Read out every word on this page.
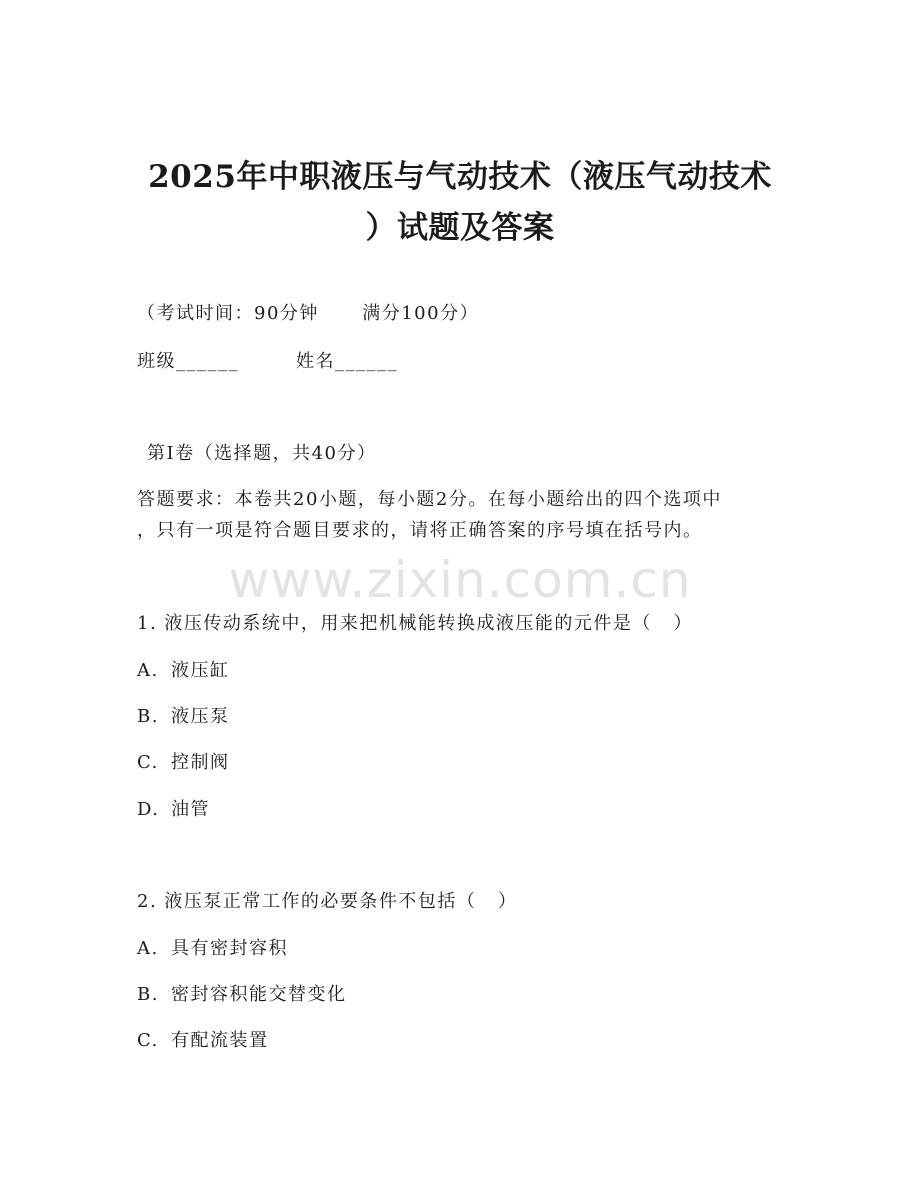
2025年中职液压与气动技术（液压气动技术
）试题及答案
（考试时间：90分钟      满分100分）
班级______	姓名______
第I卷（选择题，共40分）
答题要求：本卷共20小题，每小题2分。在每小题给出的四个选项中
，只有一项是符合题目要求的，请将正确答案的序号填在括号内。
www.zixin.com.cn
1. 液压传动系统中，用来把机械能转换成液压能的元件是（   ）
A. 液压缸
B. 液压泵
C. 控制阀
D. 油管
2. 液压泵正常工作的必要条件不包括（   ）
A. 具有密封容积
B. 密封容积能交替变化
C. 有配流装置
